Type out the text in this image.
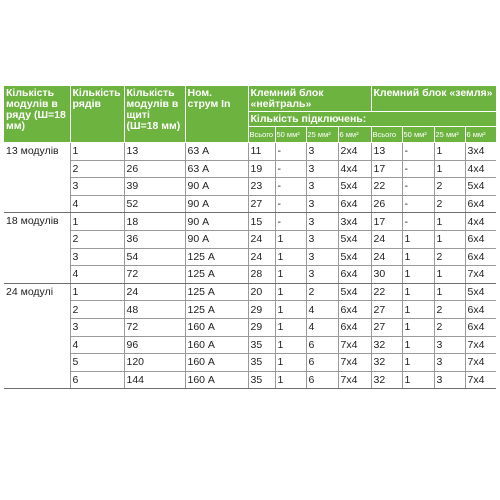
Кількість модулів в ряду (Ш=18 мм)	Кількість рядів	Кількість модулів в щиті (Ш=18 мм)	Ном. струм In	Клемний блок «нейтраль»				Клемний блок «земля»			
				Кількість підключень:							
				Всього	50 мм²	25 мм²	6 мм²	Всього	50 мм²	25 мм²	6 мм²
13 модулів	1	13	63 А	11	-	3	2x4	13	-	1	3x4
	2	26	63 А	19	-	3	4x4	17	-	1	4x4
	3	39	90 А	23	-	3	5x4	22	-	2	5x4
	4	52	90 А	27	-	3	6x4	26	-	2	6x4
18 модулів	1	18	90 А	15	-	3	3x4	17	-	1	4x4
	2	36	90 А	24	1	3	5x4	24	1	1	6x4
	3	54	125 А	24	1	3	5x4	24	1	2	6x4
	4	72	125 А	28	1	3	6x4	30	1	1	7x4
24 модулі	1	24	125 А	20	1	2	5x4	22	1	1	5x4
	2	48	125 А	29	1	4	6x4	27	1	2	6x4
	3	72	160 А	29	1	4	6x4	27	1	2	6x4
	4	96	160 А	35	1	6	7x4	32	1	3	7x4
	5	120	160 А	35	1	6	7x4	32	1	3	7x4
	6	144	160 А	35	1	6	7x4	32	1	3	7x4
